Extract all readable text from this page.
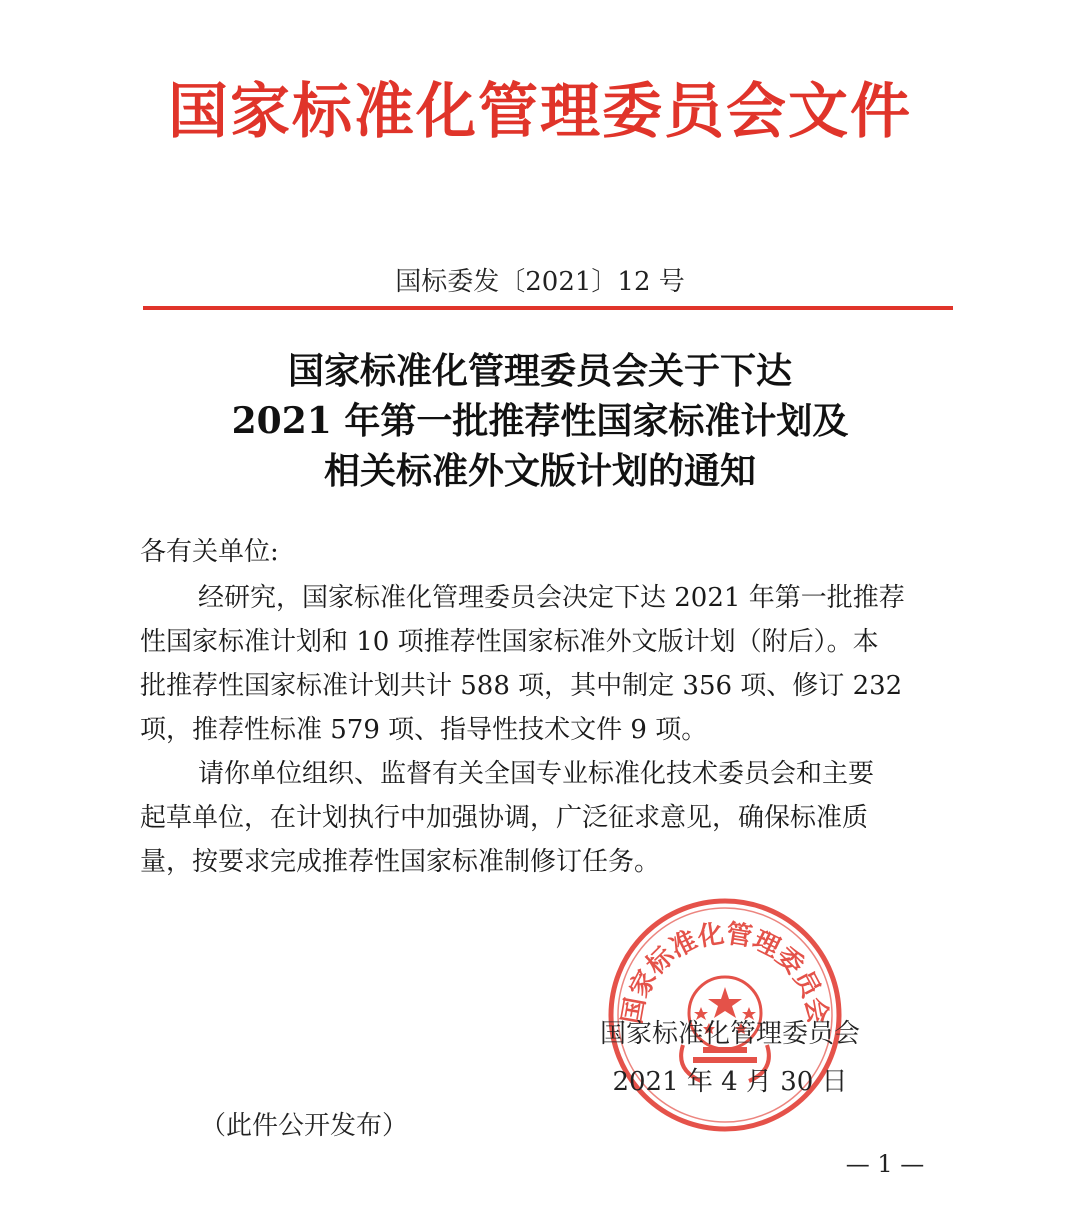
国家标准化管理委员会文件
国标委发〔2021〕12 号
国家标准化管理委员会关于下达
2021 年第一批推荐性国家标准计划及
相关标准外文版计划的通知
各有关单位:
经研究，国家标准化管理委员会决定下达 2021 年第一批推荐
性国家标准计划和 10 项推荐性国家标准外文版计划（附后）。本
批推荐性国家标准计划共计 588 项，其中制定 356 项、修订 232
项，推荐性标准 579 项、指导性技术文件 9 项。
请你单位组织、监督有关全国专业标准化技术委员会和主要
起草单位，在计划执行中加强协调，广泛征求意见，确保标准质
量，按要求完成推荐性国家标准制修订任务。
国家标准化管理委员会
国家标准化管理委员会
2021 年 4 月 30 日
（此件公开发布）
— 1 —
